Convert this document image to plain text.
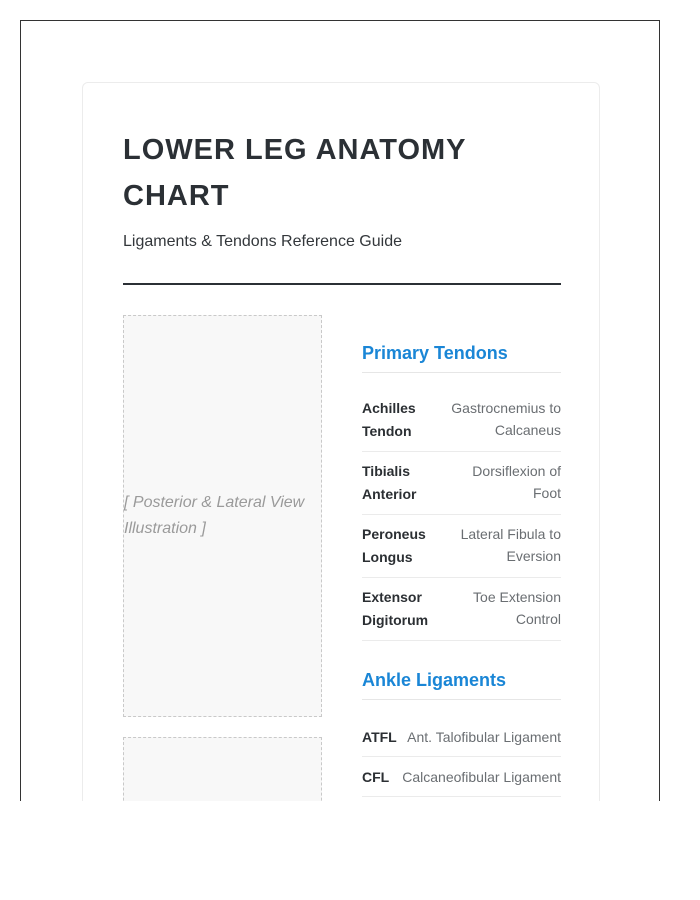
LOWER LEG ANATOMY CHART

Ligaments & Tendons Reference Guide

[ Posterior & Lateral View Illustration ]
Primary Tendons
Achilles Tendon
Gastrocnemius to Calcaneus
Tibialis Anterior
Dorsiflexion of Foot
Peroneus Longus
Lateral Fibula to Eversion
Extensor Digitorum
Toe Extension Control
Ankle Ligaments
ATFL Ant. Talofibular Ligament
CFL Calcaneofibular Ligament
